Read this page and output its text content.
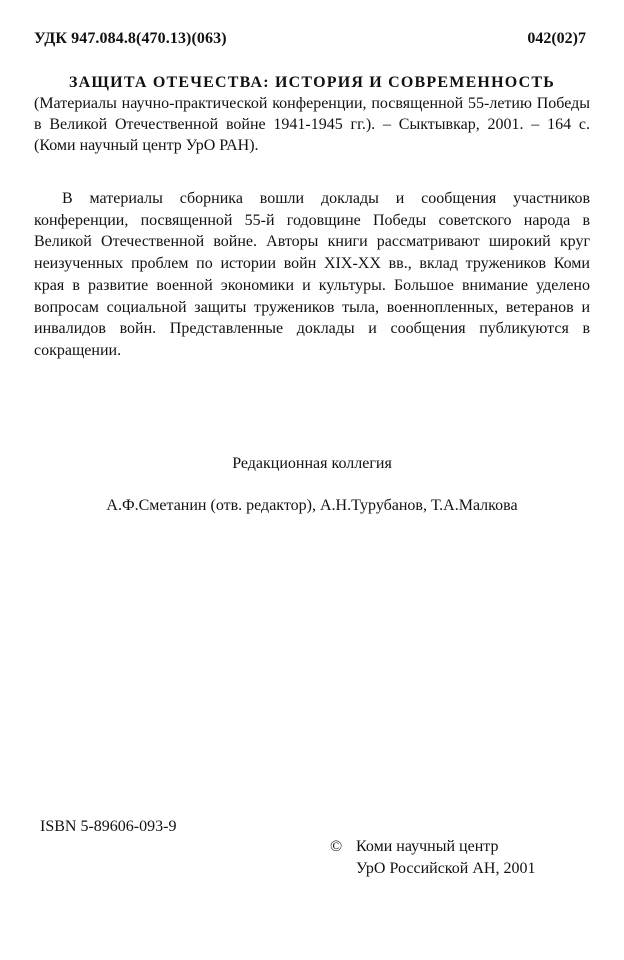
УДК 947.084.8(470.13)(063)	042(02)7
ЗАЩИТА ОТЕЧЕСТВА: ИСТОРИЯ И СОВРЕМЕННОСТЬ
(Материалы научно-практической конференции, посвященной 55-летию Победы в Великой Отечественной войне 1941-1945 гг.). – Сыктывкар, 2001. – 164 с. (Коми научный центр УрО РАН).

В материалы сборника вошли доклады и сообщения участников конференции, посвященной 55-й годовщине Победы советского народа в Великой Отечественной войне. Авторы книги рассматривают широкий круг неизученных проблем по истории войн XIX-XX вв., вклад тружеников Коми края в развитие военной экономики и культуры. Большое внимание уделено вопросам социальной защиты тружеников тыла, военнопленных, ветеранов и инвалидов войн. Представленные доклады и сообщения публикуются в сокращении.

Редакционная коллегия
А.Ф.Сметанин (отв. редактор), А.Н.Турубанов, Т.А.Малкова
ISBN 5-89606-093-9
© Коми научный центр
УрО Российской АН, 2001
